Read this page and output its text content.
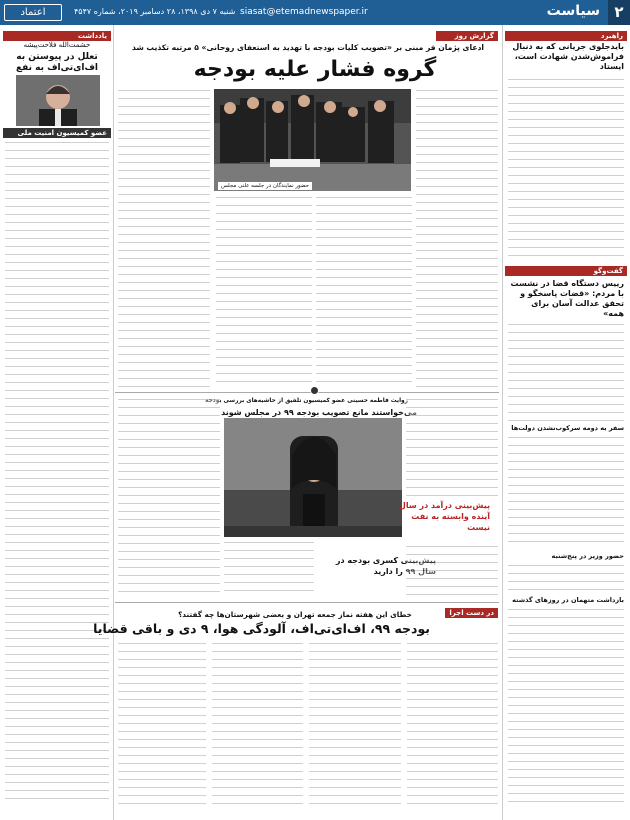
۲
سیاست
siasat@etemadnewspaper.ir
شنبه ۷ دی ۱۳۹۸، ۲۸ دسامبر ۲۰۱۹، شماره ۴۵۴۷
اعتماد
یادداشت
حشمت‌الله فلاحت‌پیشه
تعلل در پیوستن به اف‌ای‌تی‌اف به نفع
عضو کمیسیون امنیت ملی
راهبرد
بایدجلوی جریانی که به دنبال فراموش‌شدن شهادت است، ایستاد
گفت‌وگو
رییس دستگاه قضا در نشست با مردم: «قضات پاسخگو و تحقق عدالت آسان برای همه»
سفر به دومه سرکوب‌نشدن دولت‌ها
حضور وزیر در پنج‌شنبه
بازداشت متهمان در روزهای گذشته
گزارش روز
ادعای پژمان فر مبنی بر «تصویب کلیات بودجه با تهدید به استعفای روحانی» ۵ مرتبه تکذیب شد
گروه فشار علیه بودجه
حضور نمایندگان در جلسه علنی مجلس
روایت فاطمه حسینی عضو کمیسیون تلفیق از حاشیه‌های بررسی بودجه
می‌خواستند مانع تصویب بودجه ۹۹ در مجلس شوند
پیش‌بینی درآمد در سال آینده وابسته به نفت نیست
پیش‌بینی کسری بودجه در سال ۹۹ را دارید
در دست اجرا
خطای این هفته نماز جمعه تهران و بعضی شهرستان‌ها چه گفتند؟
بودجه ۹۹، اف‌ای‌تی‌اف، آلودگی هوا، ۹ دی و باقی قضایا
